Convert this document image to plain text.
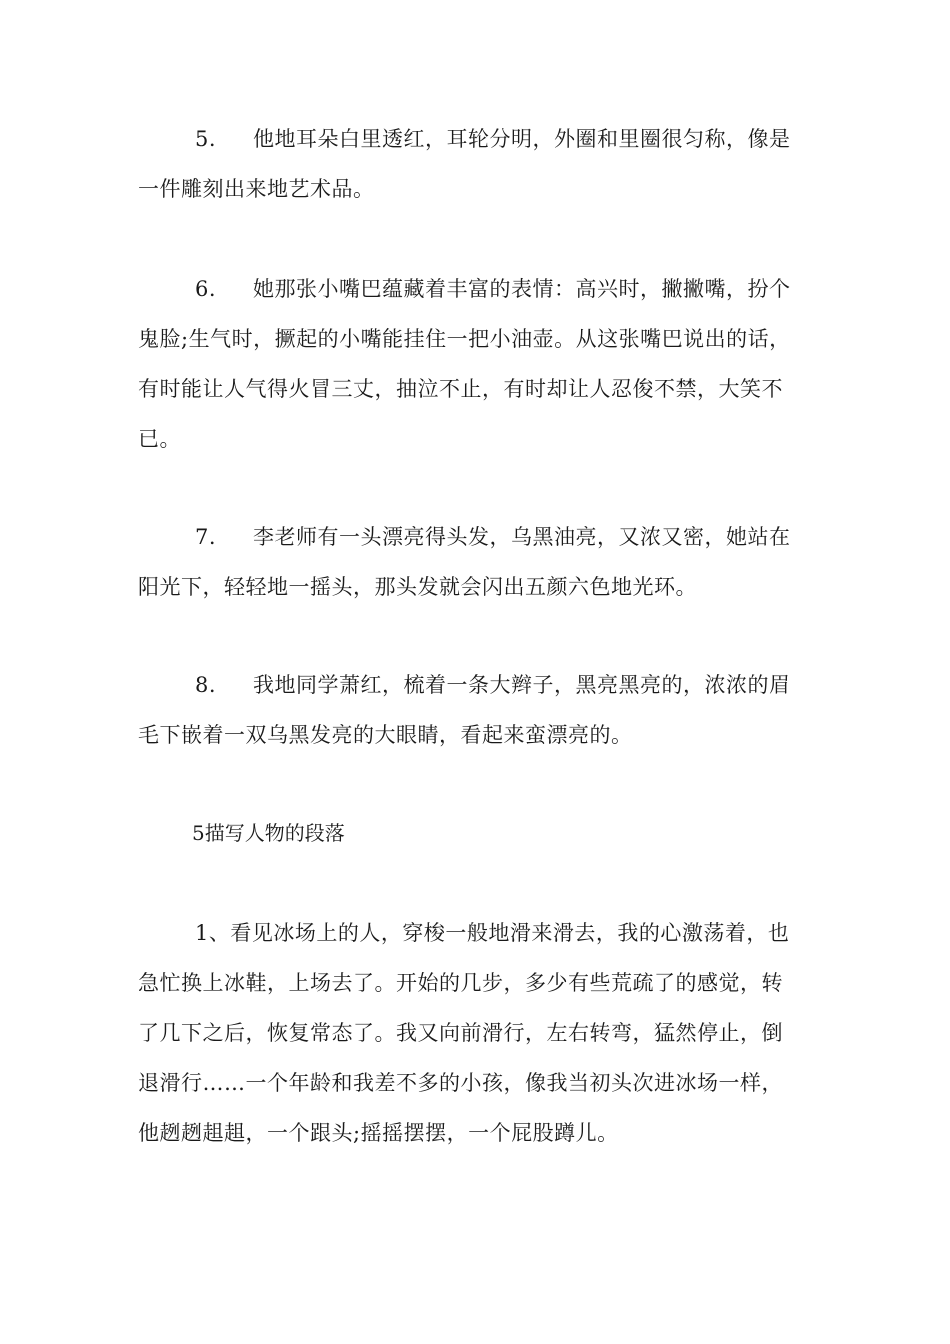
5. 他地耳朵白里透红，耳轮分明，外圈和里圈很匀称，像是
一件雕刻出来地艺术品。
6. 她那张小嘴巴蕴藏着丰富的表情：高兴时，撇撇嘴，扮个
鬼脸;生气时，撅起的小嘴能挂住一把小油壶。从这张嘴巴说出的话，
有时能让人气得火冒三丈，抽泣不止，有时却让人忍俊不禁，大笑不
已。
7. 李老师有一头漂亮得头发，乌黑油亮，又浓又密，她站在
阳光下，轻轻地一摇头，那头发就会闪出五颜六色地光环。
8. 我地同学萧红，梳着一条大辫子，黑亮黑亮的，浓浓的眉
毛下嵌着一双乌黑发亮的大眼睛，看起来蛮漂亮的。
5描写人物的段落
1、看见冰场上的人，穿梭一般地滑来滑去，我的心激荡着，也
急忙换上冰鞋，上场去了。开始的几步，多少有些荒疏了的感觉，转
了几下之后，恢复常态了。我又向前滑行，左右转弯，猛然停止，倒
退滑行……一个年龄和我差不多的小孩，像我当初头次进冰场一样，
他趔趔趄趄，一个跟头;摇摇摆摆，一个屁股蹲儿。
